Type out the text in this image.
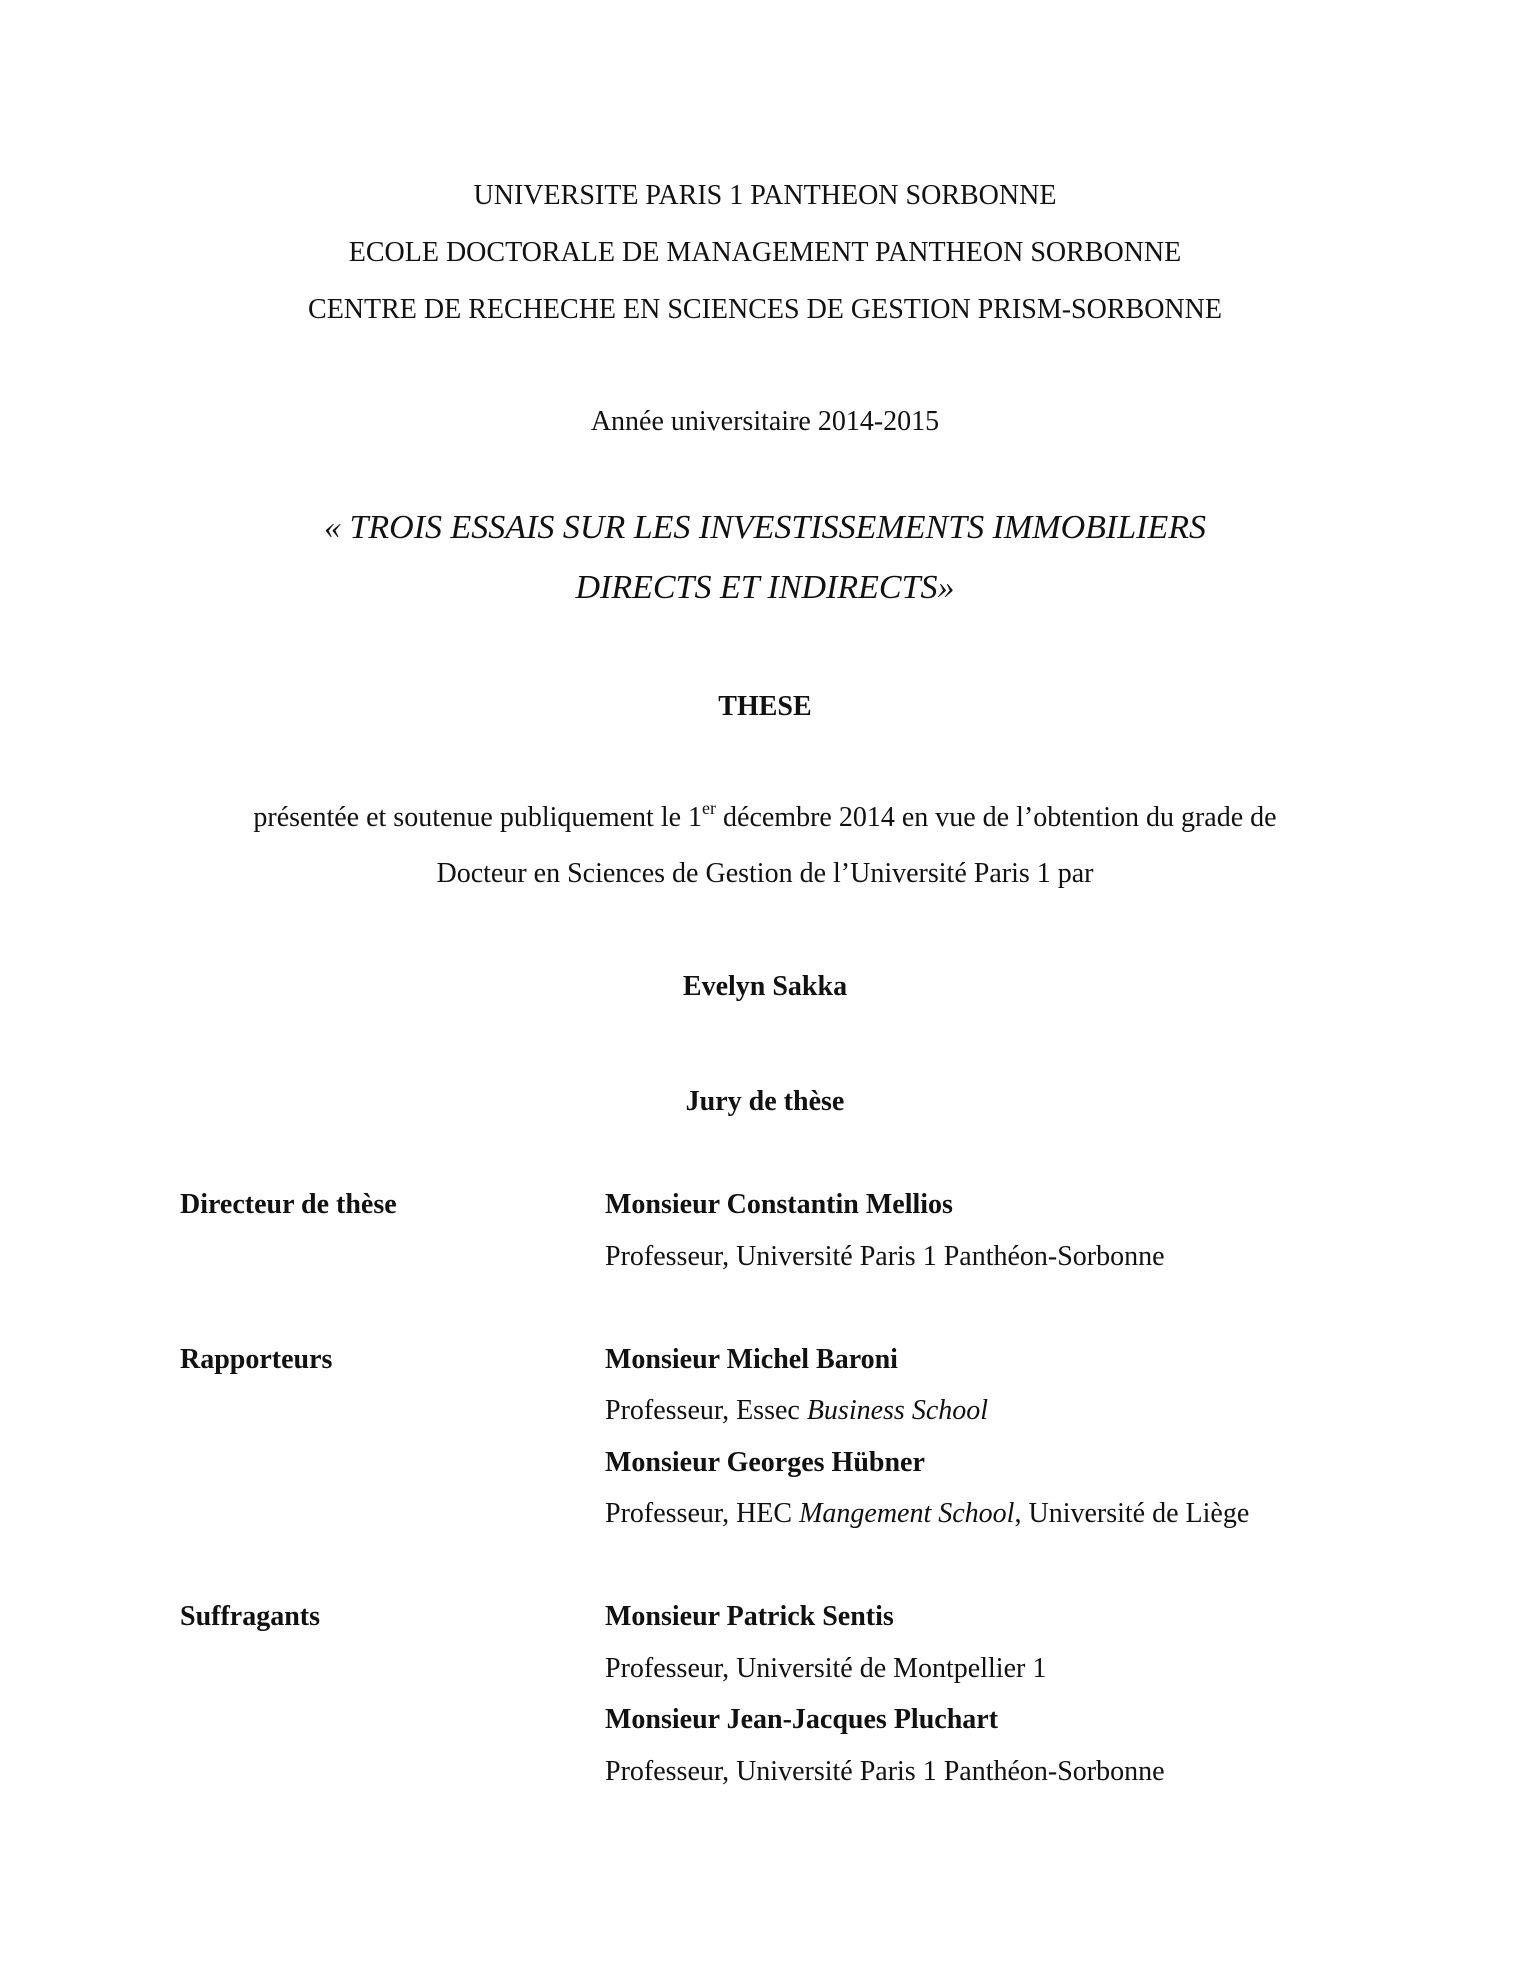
UNIVERSITE PARIS 1 PANTHEON SORBONNE
ECOLE DOCTORALE DE MANAGEMENT PANTHEON SORBONNE
CENTRE DE RECHECHE EN SCIENCES DE GESTION PRISM-SORBONNE
Année universitaire 2014-2015
« TROIS ESSAIS SUR LES INVESTISSEMENTS IMMOBILIERS
DIRECTS ET INDIRECTS»
THESE
présentée et soutenue publiquement le 1er décembre 2014 en vue de l’obtention du grade de
Docteur en Sciences de Gestion de l’Université Paris 1 par
Evelyn Sakka
Jury de thèse
Directeur de thèse	Monsieur Constantin Mellios
Professeur, Université Paris 1 Panthéon-Sorbonne
Rapporteurs	Monsieur Michel Baroni
Professeur, Essec Business School
Monsieur Georges Hübner
Professeur, HEC Mangement School, Université de Liège
Suffragants	Monsieur Patrick Sentis
Professeur, Université de Montpellier 1
Monsieur Jean-Jacques Pluchart
Professeur, Université Paris 1 Panthéon-Sorbonne
